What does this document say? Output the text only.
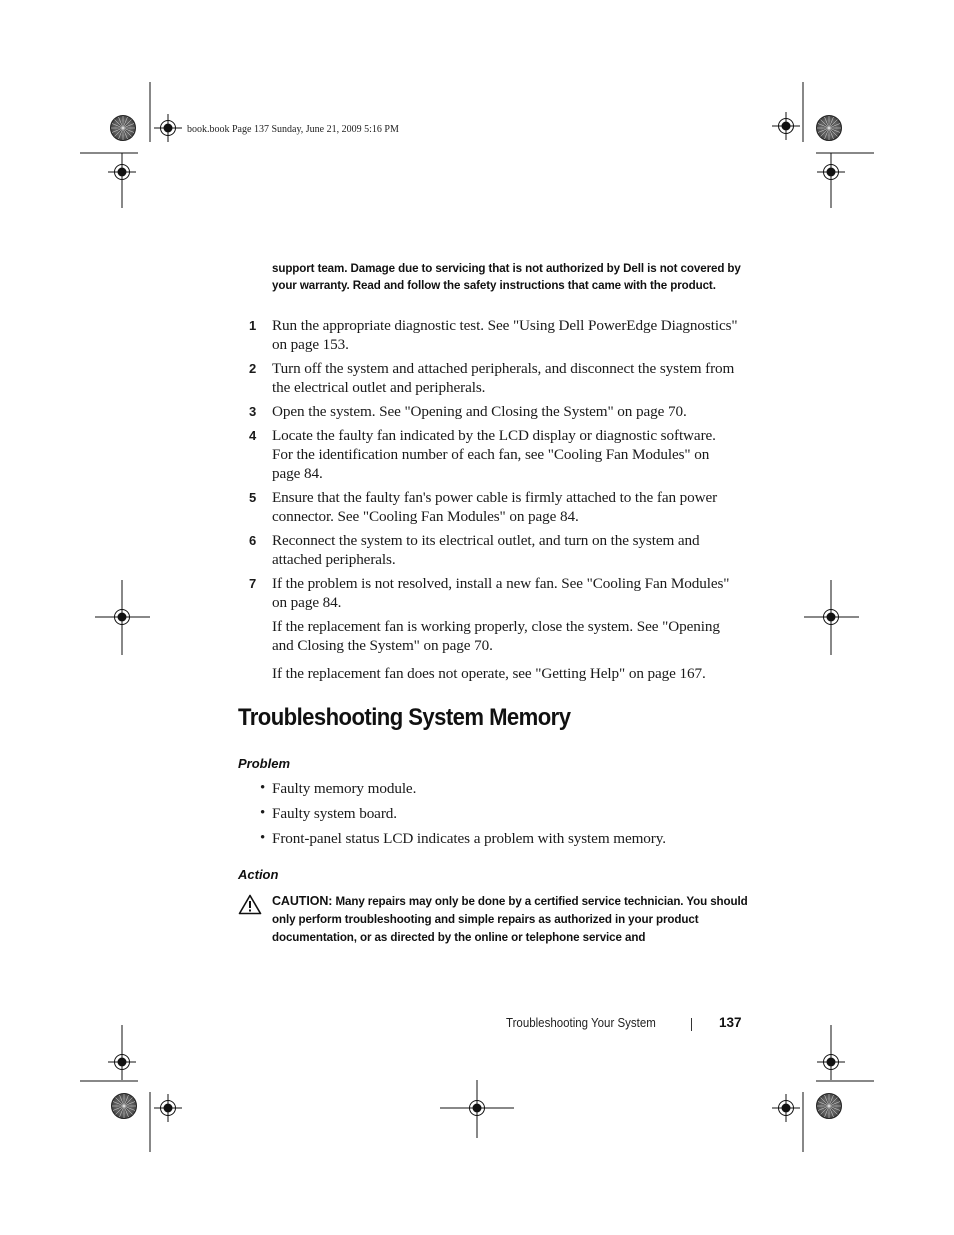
book.book Page 137 Sunday, June 21, 2009 5:16 PM
support team. Damage due to servicing that is not authorized by Dell is not covered by your warranty. Read and follow the safety instructions that came with the product.
1 Run the appropriate diagnostic test. See "Using Dell PowerEdge Diagnostics" on page 153.
2 Turn off the system and attached peripherals, and disconnect the system from the electrical outlet and peripherals.
3 Open the system. See "Opening and Closing the System" on page 70.
4 Locate the faulty fan indicated by the LCD display or diagnostic software. For the identification number of each fan, see "Cooling Fan Modules" on page 84.
5 Ensure that the faulty fan's power cable is firmly attached to the fan power connector. See "Cooling Fan Modules" on page 84.
6 Reconnect the system to its electrical outlet, and turn on the system and attached peripherals.
7 If the problem is not resolved, install a new fan. See "Cooling Fan Modules" on page 84.
If the replacement fan is working properly, close the system. See "Opening and Closing the System" on page 70.
If the replacement fan does not operate, see "Getting Help" on page 167.
Troubleshooting System Memory
Problem
• Faulty memory module.
• Faulty system board.
• Front-panel status LCD indicates a problem with system memory.
Action
CAUTION: Many repairs may only be done by a certified service technician. You should only perform troubleshooting and simple repairs as authorized in your product documentation, or as directed by the online or telephone service and
Troubleshooting Your System	137
